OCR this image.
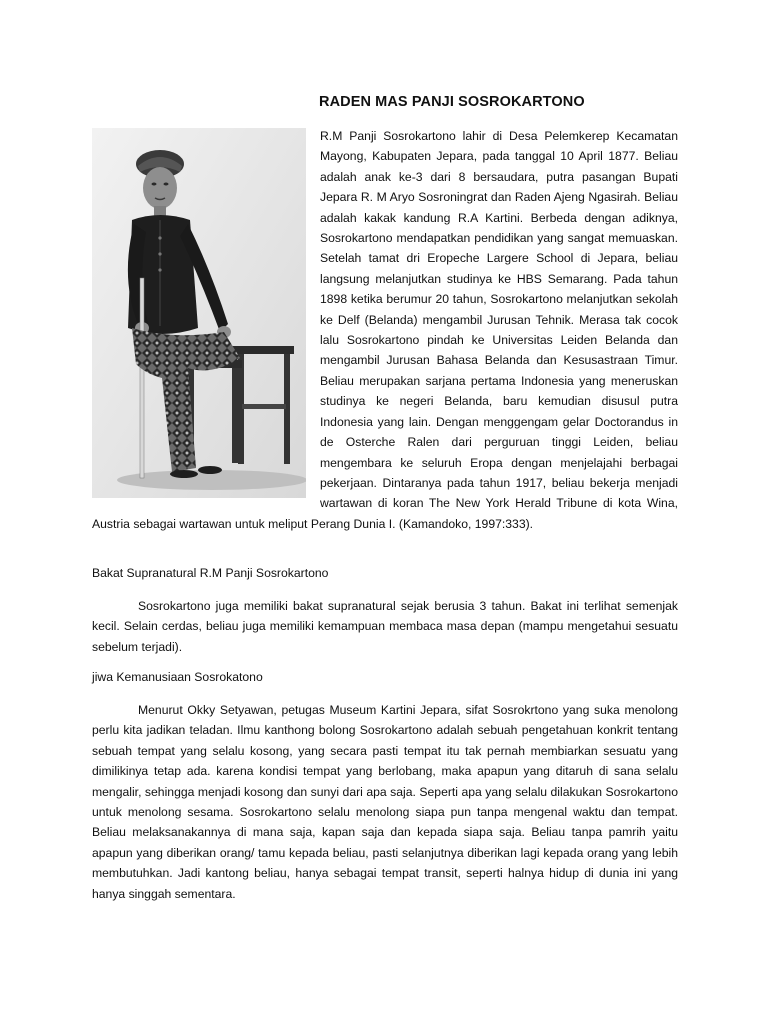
RADEN MAS PANJI SOSROKARTONO

R.M Panji Sosrokartono lahir di Desa Pelemkerep Kecamatan Mayong, Kabupaten Jepara, pada tanggal 10 April 1877. Beliau adalah anak ke-3 dari 8 bersaudara, putra pasangan Bupati Jepara R. M Aryo Sosroningrat dan Raden Ajeng Ngasirah. Beliau adalah kakak kandung R.A Kartini. Berbeda dengan adiknya, Sosrokartono mendapatkan pendidikan yang sangat memuaskan. Setelah tamat dri Eropeche Largere School di Jepara, beliau langsung melanjutkan studinya ke HBS Semarang. Pada tahun 1898 ketika berumur 20 tahun, Sosrokartono melanjutkan sekolah ke Delf (Belanda) mengambil Jurusan Tehnik. Merasa tak cocok lalu Sosrokartono pindah ke Universitas Leiden Belanda dan mengambil Jurusan Bahasa Belanda dan Kesusastraan Timur. Beliau merupakan sarjana pertama Indonesia yang meneruskan studinya ke negeri Belanda, baru kemudian disusul putra Indonesia yang lain. Dengan menggengam gelar Doctorandus in de Osterche Ralen dari perguruan tinggi Leiden, beliau mengembara ke seluruh Eropa dengan menjelajahi berbagai pekerjaan. Dintaranya pada tahun 1917, beliau bekerja menjadi wartawan di koran The New York Herald Tribune di kota Wina, Austria sebagai wartawan untuk meliput Perang Dunia I. (Kamandoko, 1997:333).

Bakat Supranatural R.M Panji Sosrokartono

Sosrokartono juga memiliki bakat supranatural sejak berusia 3 tahun. Bakat ini terlihat semenjak kecil. Selain cerdas, beliau juga memiliki kemampuan membaca masa depan (mampu mengetahui sesuatu sebelum terjadi).

jiwa Kemanusiaan Sosrokatono

Menurut Okky Setyawan, petugas Museum Kartini Jepara, sifat Sosrokrtono yang suka menolong perlu kita jadikan teladan. Ilmu kanthong bolong Sosrokartono adalah sebuah pengetahuan konkrit tentang sebuah tempat yang selalu kosong, yang secara pasti tempat itu tak pernah membiarkan sesuatu yang dimilikinya tetap ada. karena kondisi tempat yang berlobang, maka apapun yang ditaruh di sana selalu mengalir, sehingga menjadi kosong dan sunyi dari apa saja. Seperti apa yang selalu dilakukan Sosrokartono untuk menolong sesama. Sosrokartono selalu menolong siapa pun tanpa mengenal waktu dan tempat. Beliau melaksanakannya di mana saja, kapan saja dan kepada siapa saja. Beliau tanpa pamrih yaitu apapun yang diberikan orang/ tamu kepada beliau, pasti selanjutnya diberikan lagi kepada orang yang lebih membutuhkan. Jadi kantong beliau, hanya sebagai tempat transit, seperti halnya hidup di dunia ini yang hanya singgah sementara.
